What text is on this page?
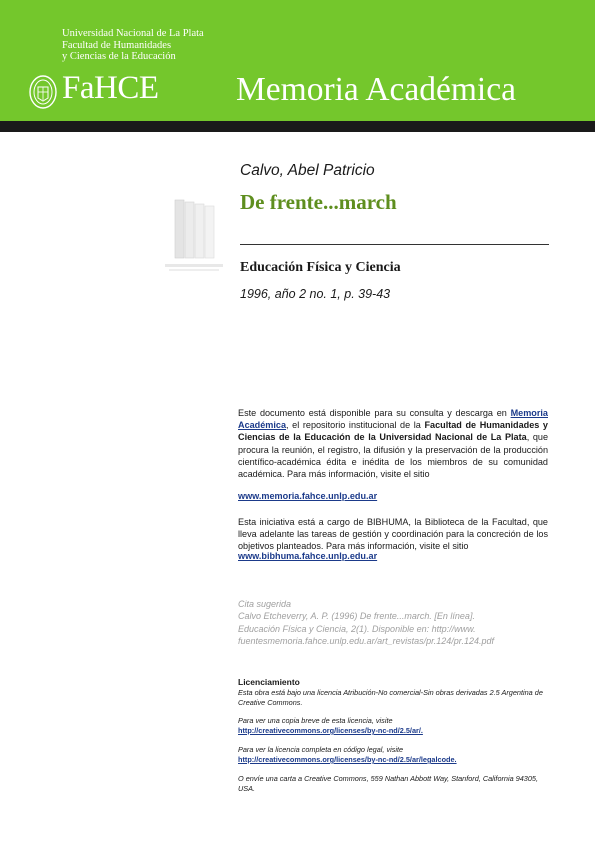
Universidad Nacional de La Plata
Facultad de Humanidades
y Ciencias de la Educación
FaHCE Memoria Académica
Calvo, Abel Patricio
De frente...march
Educación Física y Ciencia
1996, año 2 no. 1, p. 39-43
Este documento está disponible para su consulta y descarga en Memoria Académica, el repositorio institucional de la Facultad de Humanidades y Ciencias de la Educación de la Universidad Nacional de La Plata, que procura la reunión, el registro, la difusión y la preservación de la producción científico-académica édita e inédita de los miembros de su comunidad académica. Para más información, visite el sitio
www.memoria.fahce.unlp.edu.ar
Esta iniciativa está a cargo de BIBHUMA, la Biblioteca de la Facultad, que lleva adelante las tareas de gestión y coordinación para la concreción de los objetivos planteados. Para más información, visite el sitio
www.bibhuma.fahce.unlp.edu.ar
Cita sugerida
Calvo Etcheverry, A. P. (1996) De frente...march. [En línea].
Educación Física y Ciencia, 2(1). Disponible en: http://www.
fuentesmemoria.fahce.unlp.edu.ar/art_revistas/pr.124/pr.124.pdf
Licenciamiento
Esta obra está bajo una licencia Atribución-No comercial-Sin obras derivadas 2.5 Argentina de Creative Commons.
Para ver una copia breve de esta licencia, visite
http://creativecommons.org/licenses/by-nc-nd/2.5/ar/.
Para ver la licencia completa en código legal, visite
http://creativecommons.org/licenses/by-nc-nd/2.5/ar/legalcode.
O envíe una carta a Creative Commons, 559 Nathan Abbott Way, Stanford, California 94305, USA.
